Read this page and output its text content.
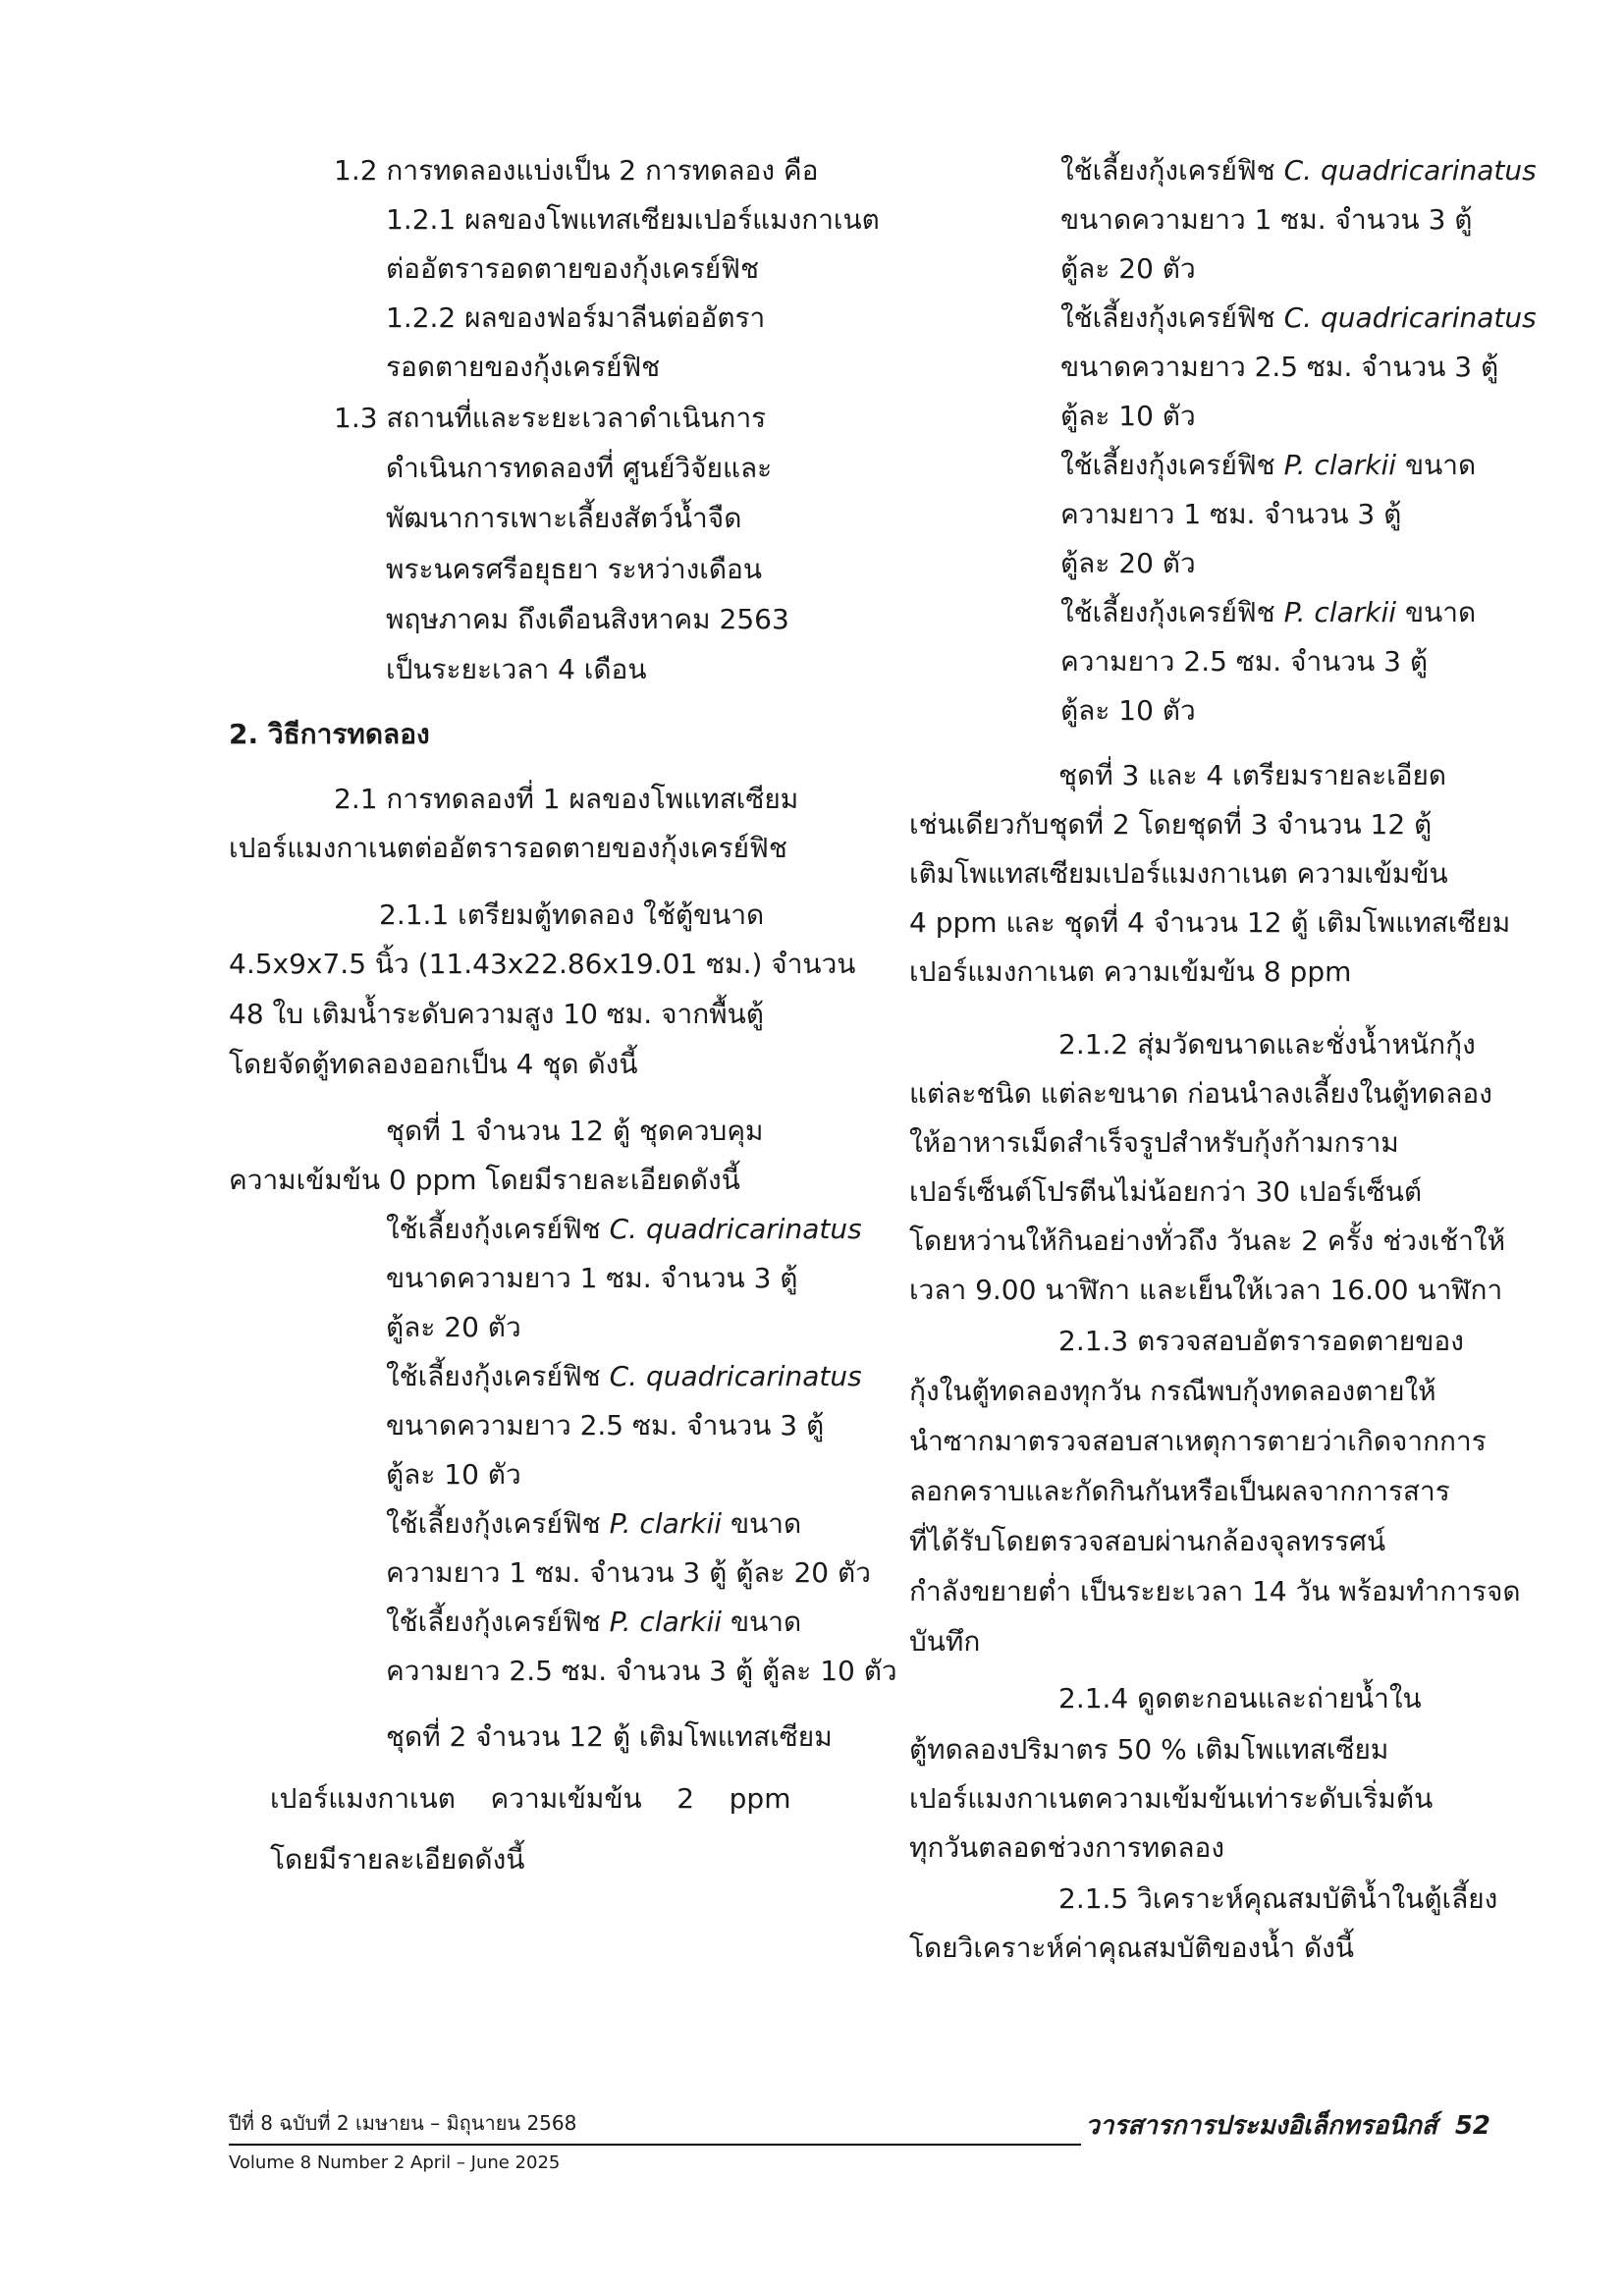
1.2 การทดลองแบ่งเป็น 2 การทดลอง คือ

1.2.1 ผลของโพแทสเซียมเปอร์แมงกาเนต

ต่ออัตรารอดตายของกุ้งเครย์ฟิช

1.2.2 ผลของฟอร์มาลีนต่ออัตรา

รอดตายของกุ้งเครย์ฟิช

1.3 สถานที่และระยะเวลาดำเนินการ

ดำเนินการทดลองที่ ศูนย์วิจัยและ

พัฒนาการเพาะเลี้ยงสัตว์น้ำจืด

พระนครศรีอยุธยา ระหว่างเดือน

พฤษภาคม ถึงเดือนสิงหาคม 2563

เป็นระยะเวลา 4 เดือน

2. วิธีการทดลอง

2.1 การทดลองที่ 1 ผลของโพแทสเซียม

เปอร์แมงกาเนตต่ออัตรารอดตายของกุ้งเครย์ฟิช

2.1.1 เตรียมตู้ทดลอง ใช้ตู้ขนาด

4.5x9x7.5 นิ้ว (11.43x22.86x19.01 ซม.) จำนวน

48 ใบ เติมน้ำระดับความสูง 10 ซม. จากพื้นตู้

โดยจัดตู้ทดลองออกเป็น 4 ชุด ดังนี้

ชุดที่ 1 จำนวน 12 ตู้ ชุดควบคุม

ความเข้มข้น 0 ppm โดยมีรายละเอียดดังนี้

ใช้เลี้ยงกุ้งเครย์ฟิช C. quadricarinatus

ขนาดความยาว 1 ซม. จำนวน 3 ตู้

ตู้ละ 20 ตัว

ใช้เลี้ยงกุ้งเครย์ฟิช C. quadricarinatus

ขนาดความยาว 2.5 ซม. จำนวน 3 ตู้

ตู้ละ 10 ตัว

ใช้เลี้ยงกุ้งเครย์ฟิช P. clarkii ขนาด

ความยาว 1 ซม. จำนวน 3 ตู้ ตู้ละ 20 ตัว

ใช้เลี้ยงกุ้งเครย์ฟิช P. clarkii ขนาด

ความยาว 2.5 ซม. จำนวน 3 ตู้ ตู้ละ 10 ตัว

ชุดที่ 2 จำนวน 12 ตู้ เติมโพแทสเซียม

เปอร์แมงกาเนต    ความเข้มข้น    2    ppm

โดยมีรายละเอียดดังนี้

ใช้เลี้ยงกุ้งเครย์ฟิช C. quadricarinatus

ขนาดความยาว 1 ซม. จำนวน 3 ตู้

ตู้ละ 20 ตัว

ใช้เลี้ยงกุ้งเครย์ฟิช C. quadricarinatus

ขนาดความยาว 2.5 ซม. จำนวน 3 ตู้

ตู้ละ 10 ตัว

ใช้เลี้ยงกุ้งเครย์ฟิช P. clarkii ขนาด

ความยาว 1 ซม. จำนวน 3 ตู้

ตู้ละ 20 ตัว

ใช้เลี้ยงกุ้งเครย์ฟิช P. clarkii ขนาด

ความยาว 2.5 ซม. จำนวน 3 ตู้

ตู้ละ 10 ตัว

ชุดที่ 3 และ 4 เตรียมรายละเอียด

เช่นเดียวกับชุดที่ 2 โดยชุดที่ 3 จำนวน 12 ตู้

เติมโพแทสเซียมเปอร์แมงกาเนต ความเข้มข้น

4 ppm และ ชุดที่ 4 จำนวน 12 ตู้ เติมโพแทสเซียม

เปอร์แมงกาเนต ความเข้มข้น 8 ppm

2.1.2 สุ่มวัดขนาดและชั่งน้ำหนักกุ้ง

แต่ละชนิด แต่ละขนาด ก่อนนำลงเลี้ยงในตู้ทดลอง

ให้อาหารเม็ดสำเร็จรูปสำหรับกุ้งก้ามกราม

เปอร์เซ็นต์โปรตีนไม่น้อยกว่า 30 เปอร์เซ็นต์

โดยหว่านให้กินอย่างทั่วถึง วันละ 2 ครั้ง ช่วงเช้าให้

เวลา 9.00 นาฬิกา และเย็นให้เวลา 16.00 นาฬิกา

2.1.3 ตรวจสอบอัตรารอดตายของ

กุ้งในตู้ทดลองทุกวัน กรณีพบกุ้งทดลองตายให้

นำซากมาตรวจสอบสาเหตุการตายว่าเกิดจากการ

ลอกคราบและกัดกินกันหรือเป็นผลจากการสาร

ที่ได้รับโดยตรวจสอบผ่านกล้องจุลทรรศน์

กำลังขยายต่ำ เป็นระยะเวลา 14 วัน พร้อมทำการจด

บันทึก

2.1.4 ดูดตะกอนและถ่ายน้ำใน

ตู้ทดลองปริมาตร 50 % เติมโพแทสเซียม

เปอร์แมงกาเนตความเข้มข้นเท่าระดับเริ่มต้น

ทุกวันตลอดช่วงการทดลอง

2.1.5 วิเคราะห์คุณสมบัติน้ำในตู้เลี้ยง

โดยวิเคราะห์ค่าคุณสมบัติของน้ำ ดังนี้

ปีที่ 8 ฉบับที่ 2 เมษายน – มิถุนายน 2568	วารสารการประมงอิเล็กทรอนิกส์ 52

Volume 8 Number 2 April – June 2025
